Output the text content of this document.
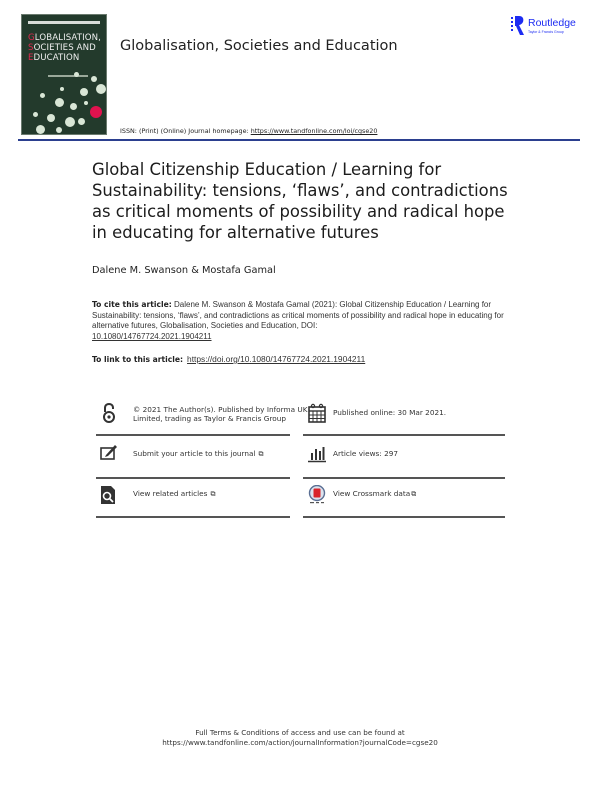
GLOBALISATION,
SOCIETIES AND
EDUCATION
Globalisation, Societies and Education
Routledge
Taylor & Francis Group
ISSN: (Print) (Online) Journal homepage: https://www.tandfonline.com/loi/cgse20
Global Citizenship Education / Learning for Sustainability: tensions, ‘flaws’, and contradictions as critical moments of possibility and radical hope in educating for alternative futures
Dalene M. Swanson & Mostafa Gamal
To cite this article: Dalene M. Swanson & Mostafa Gamal (2021): Global Citizenship Education / Learning for Sustainability: tensions, ‘flaws’, and contradictions as critical moments of possibility and radical hope in educating for alternative futures, Globalisation, Societies and Education, DOI:
10.1080/14767724.2021.1904211
To link to this article: https://doi.org/10.1080/14767724.2021.1904211
© 2021 The Author(s). Published by Informa UK Limited, trading as Taylor & Francis Group
Submit your article to this journal ⧉
View related articles ⧉
Published online: 30 Mar 2021.
Article views: 297
View Crossmark data⧉
Full Terms & Conditions of access and use can be found at
https://www.tandfonline.com/action/journalInformation?journalCode=cgse20
